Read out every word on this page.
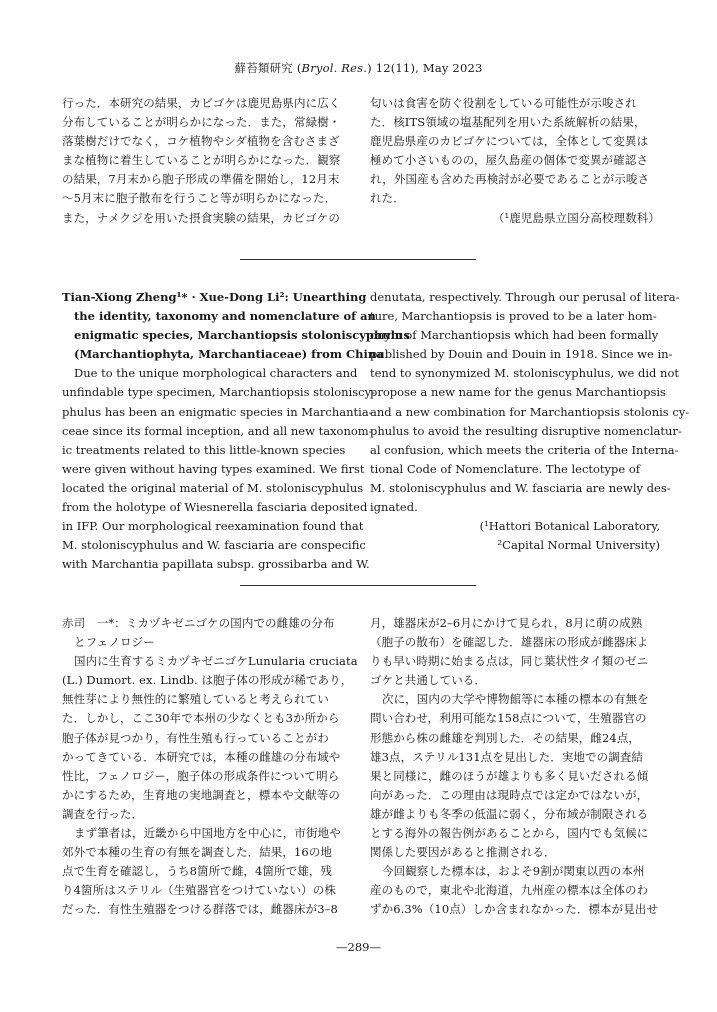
蘚苔類研究 (Bryol. Res.) 12(11), May 2023
行った．本研究の結果，カビゴケは鹿児島県内に広く
分布していることが明らかになった．また，常緑樹・
落葉樹だけでなく，コケ植物やシダ植物を含むさまざ
まな植物に着生していることが明らかになった．観察
の結果，7月末から胞子形成の準備を開始し，12月末
〜5月末に胞子散布を行うこと等が明らかになった．
また，ナメクジを用いた摂食実験の結果，カビゴケの
匂いは食害を防ぐ役割をしている可能性が示唆され
た．核ITS領域の塩基配列を用いた系統解析の結果，
鹿児島県産のカビゴケについては，全体として変異は
極めて小さいものの，屋久島産の個体で変異が確認さ
れ，外国産も含めた再検討が必要であることが示唆さ
れた．
（¹鹿児島県立国分高校理数科）
Tian-Xiong Zheng¹* · Xue-Dong Li²: Unearthing
the identity, taxonomy and nomenclature of an
enigmatic species, Marchantiopsis stoloniscyphulus
(Marchantiophyta, Marchantiaceae) from China
Due to the unique morphological characters and
unfindable type specimen, Marchantiopsis stoloniscy-
phulus has been an enigmatic species in Marchantia-
ceae since its formal inception, and all new taxonom-
ic treatments related to this little-known species
were given without having types examined. We first
located the original material of M. stoloniscyphulus
from the holotype of Wiesnerella fasciaria deposited
in IFP. Our morphological reexamination found that
M. stoloniscyphulus and W. fasciaria are conspecific
with Marchantia papillata subsp. grossibarba and W.
denutata, respectively. Through our perusal of litera-
ture, Marchantiopsis is proved to be a later hom-
onym of Marchantiopsis which had been formally
published by Douin and Douin in 1918. Since we in-
tend to synonymized M. stoloniscyphulus, we did not
propose a new name for the genus Marchantiopsis
and a new combination for Marchantiopsis stolonis cy-
phulus to avoid the resulting disruptive nomenclatur-
al confusion, which meets the criteria of the Interna-
tional Code of Nomenclature. The lectotype of
M. stoloniscyphulus and W. fasciaria are newly des-
ignated.
(¹Hattori Botanical Laboratory,
²Capital Normal University)
赤司　一*：ミカヅキゼニゴケの国内での雌雄の分布
とフェノロジー
国内に生育するミカヅキゼニゴケLunularia cruciata
(L.) Dumort. ex. Lindb. は胞子体の形成が稀であり，
無性芽により無性的に繁殖していると考えられてい
た．しかし，ここ30年で本州の少なくとも3か所から
胞子体が見つかり，有性生殖も行っていることがわ
かってきている．本研究では，本種の雌雄の分布域や
性比，フェノロジー，胞子体の形成条件について明ら
かにするため，生育地の実地調査と，標本や文献等の
調査を行った．
まず筆者は，近畿から中国地方を中心に，市街地や
郊外で本種の生育の有無を調査した．結果，16の地
点で生育を確認し，うち8箇所で雌，4箇所で雄，残
り4箇所はステリル（生殖器官をつけていない）の株
だった．有性生殖器をつける群落では，雌器床が3–8
月，雄器床が2–6月にかけて見られ，8月に萌の成熟
（胞子の散布）を確認した．雄器床の形成が雌器床よ
りも早い時期に始まる点は，同じ葉状性タイ類のゼニ
ゴケと共通している．
次に，国内の大学や博物館等に本種の標本の有無を
問い合わせ，利用可能な158点について，生殖器官の
形態から株の雌雄を判別した．その結果，雌24点，
雄3点，ステリル131点を見出した．実地での調査結
果と同様に，雌のほうが雄よりも多く見いだされる傾
向があった．この理由は現時点では定かではないが，
雄が雌よりも冬季の低温に弱く，分布域が制限される
とする海外の報告例があることから，国内でも気候に
関係した要因があると推測される．
今回観察した標本は，およそ9割が関東以西の本州
産のもので，東北や北海道，九州産の標本は全体のわ
ずか6.3%（10点）しか含まれなかった．標本が見出せ
—289—
